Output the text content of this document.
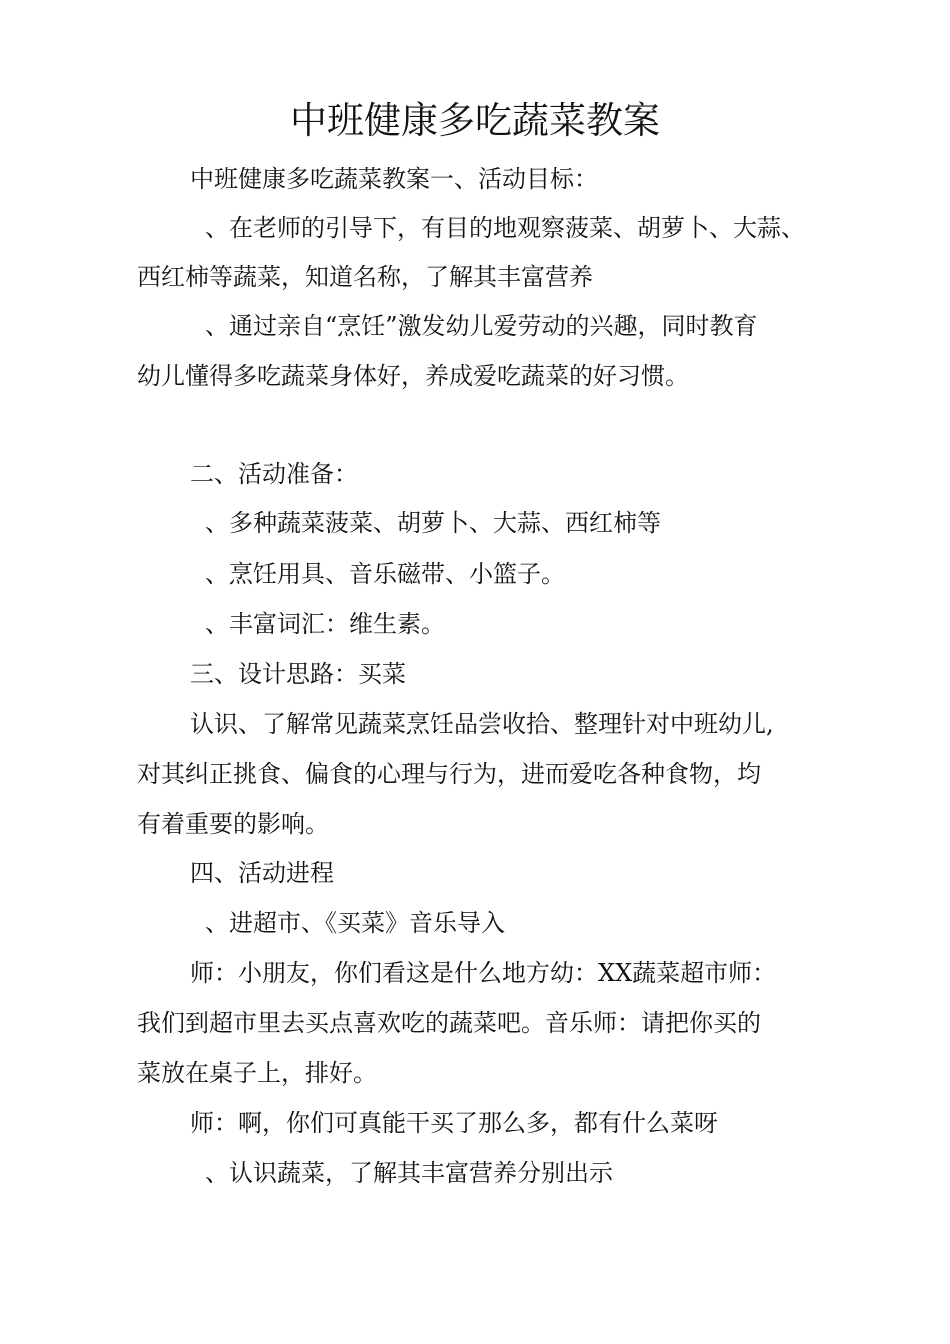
中班健康多吃蔬菜教案
中班健康多吃蔬菜教案一、活动目标：
、在老师的引导下，有目的地观察菠菜、胡萝卜、大蒜、
西红柿等蔬菜，知道名称，了解其丰富营养
、通过亲自“烹饪”激发幼儿爱劳动的兴趣，同时教育
幼儿懂得多吃蔬菜身体好，养成爱吃蔬菜的好习惯。
二、活动准备：
、多种蔬菜菠菜、胡萝卜、大蒜、西红柿等
、烹饪用具、音乐磁带、小篮子。
、丰富词汇：维生素。
三、设计思路：买菜
认识、了解常见蔬菜烹饪品尝收拾、整理针对中班幼儿,
对其纠正挑食、偏食的心理与行为，进而爱吃各种食物，均
有着重要的影响。
四、活动进程
、进超市、《买菜》音乐导入
师：小朋友，你们看这是什么地方幼：XX蔬菜超市师：
我们到超市里去买点喜欢吃的蔬菜吧。音乐师：请把你买的
菜放在桌子上，排好。
师：啊，你们可真能干买了那么多，都有什么菜呀
、认识蔬菜，了解其丰富营养分别出示
